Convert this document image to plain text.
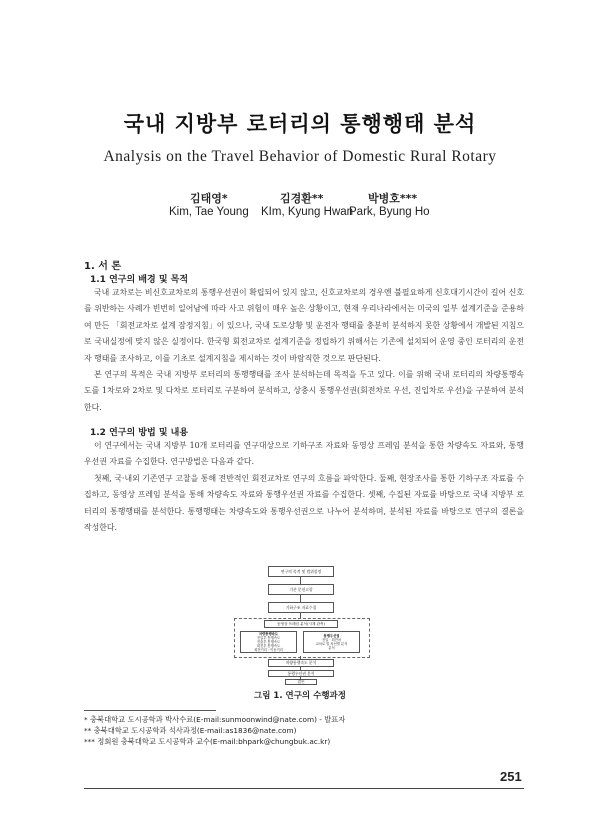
국내 지방부 로터리의 통행행태 분석
Analysis on the Travel Behavior of Domestic Rural Rotary
김태영*	김경환**	박병호***
Kim, Tae Young KIm, Kyung Hwan
Park, Byung Ho
1. 서 론
1.1 연구의 배경 및 목적

국내 교차로는 비신호교차로의 통행우선권이 확립되어 있지 않고, 신호교차로의 경우엔 불필요하게 신호대기시간이 길어 신호를 위반하는 사례가 빈번히 일어남에 따라 사고 위험이 매우 높은 상황이고, 현재 우리나라에서는 미국의 일부 설계기준을 준용하여 만든 「회전교차로 설계 잠정지침」이 있으나, 국내 도로상황 및 운전자 행태를 충분히 분석하지 못한 상황에서 개발된 지침으로 국내실정에 맞지 않은 실정이다. 한국형 회전교차로 설계기준을 정립하기 위해서는 기존에 설치되어 운영 중인 로터리의 운전자 행태를 조사하고, 이를 기초로 설계지침을 제시하는 것이 바람직한 것으로 판단된다.

본 연구의 목적은 국내 지방부 로터리의 통행행태를 조사 분석하는데 목적을 두고 있다. 이를 위해 국내 로터리의 차량통행속도를 1차로와 2차로 및 다차로 로터리로 구분하여 분석하고, 상충시 통행우선권(회전차로 우선, 진입차로 우선)을 구분하여 분석한다.

1.2 연구의 방법 및 내용

이 연구에서는 국내 지방부 10개 로터리를 연구대상으로 기하구조 자료와 동영상 프레임 분석을 통한 차량속도 자료와, 통행우선권 자료를 수집한다. 연구방법은 다음과 같다.

첫째, 국·내외 기존연구 고찰을 통해 전반적인 회전교차로 연구의 흐름을 파악한다. 둘째, 현장조사를 통한 기하구조 자료를 수집하고, 동영상 프레임 분석을 통해 차량속도 자료와 통행우선권 자료를 수집한다. 셋째, 수집된 자료를 바탕으로 국내 지방부 로터리의 통행행태를 분석한다. 통행행태는 차량속도와 통행우선권으로 나누어 분석하며, 분석된 자료를 바탕으로 연구의 결론을 작성한다.

연구의 목적 및 범위설정
기존 문헌고찰
기하구조 자료수집
동영상 프레임 분석(시계 관측)
차량통행속도
진입부 통행속도
진출부 통행속도
회전부 통행속도
회전거리 · 이동거리
통행우선권
진입 · 회전차
교차로 및 차선별 분석
분석
차량통행속도 분석
통행우선권 분석
결론
그림 1. 연구의 수행과정
* 충북대학교 도시공학과 박사수료(E-mail:sunmoonwind@nate.com) - 발표자
** 충북대학교 도시공학과 석사과정(E-mail:as1836@nate.com)
*** 정회원 충북대학교 도시공학과 교수(E-mail:bhpark@chungbuk.ac.kr)
251
